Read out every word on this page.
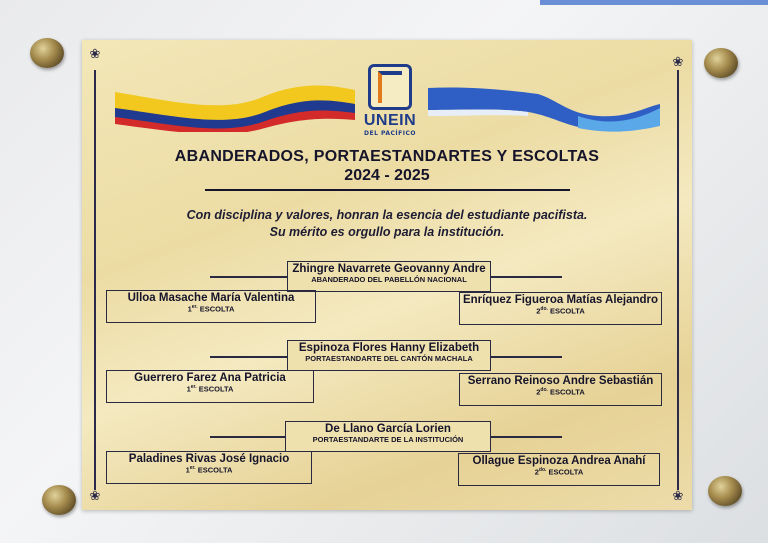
❀
❀
❀	❀
UNEIN
DEL PACÍFICO
ABANDERADOS, PORTAESTANDARTES Y ESCOLTAS
2024 - 2025
Con disciplina y valores, honran la esencia del estudiante pacifista.
Su mérito es orgullo para la institución.
Zhingre Navarrete Geovanny Andre
ABANDERADO DEL PABELLÓN NACIONAL
Ulloa Masache María Valentina
$1^{er.}$ ESCOLTA
Enríquez Figueroa Matías Alejandro
$2^{do.}$ ESCOLTA
Espinoza Flores Hanny Elizabeth
PORTAESTANDARTE DEL CANTÓN MACHALA
Guerrero Farez Ana Patricia
$1^{er.}$ ESCOLTA
Serrano Reinoso Andre Sebastián
$2^{do.}$ ESCOLTA
De Llano García Lorien
PORTAESTANDARTE DE LA INSTITUCIÓN
Paladines Rivas José Ignacio
$1^{er.}$ ESCOLTA
Ollague Espinoza Andrea Anahí
$2^{do.}$ ESCOLTA
